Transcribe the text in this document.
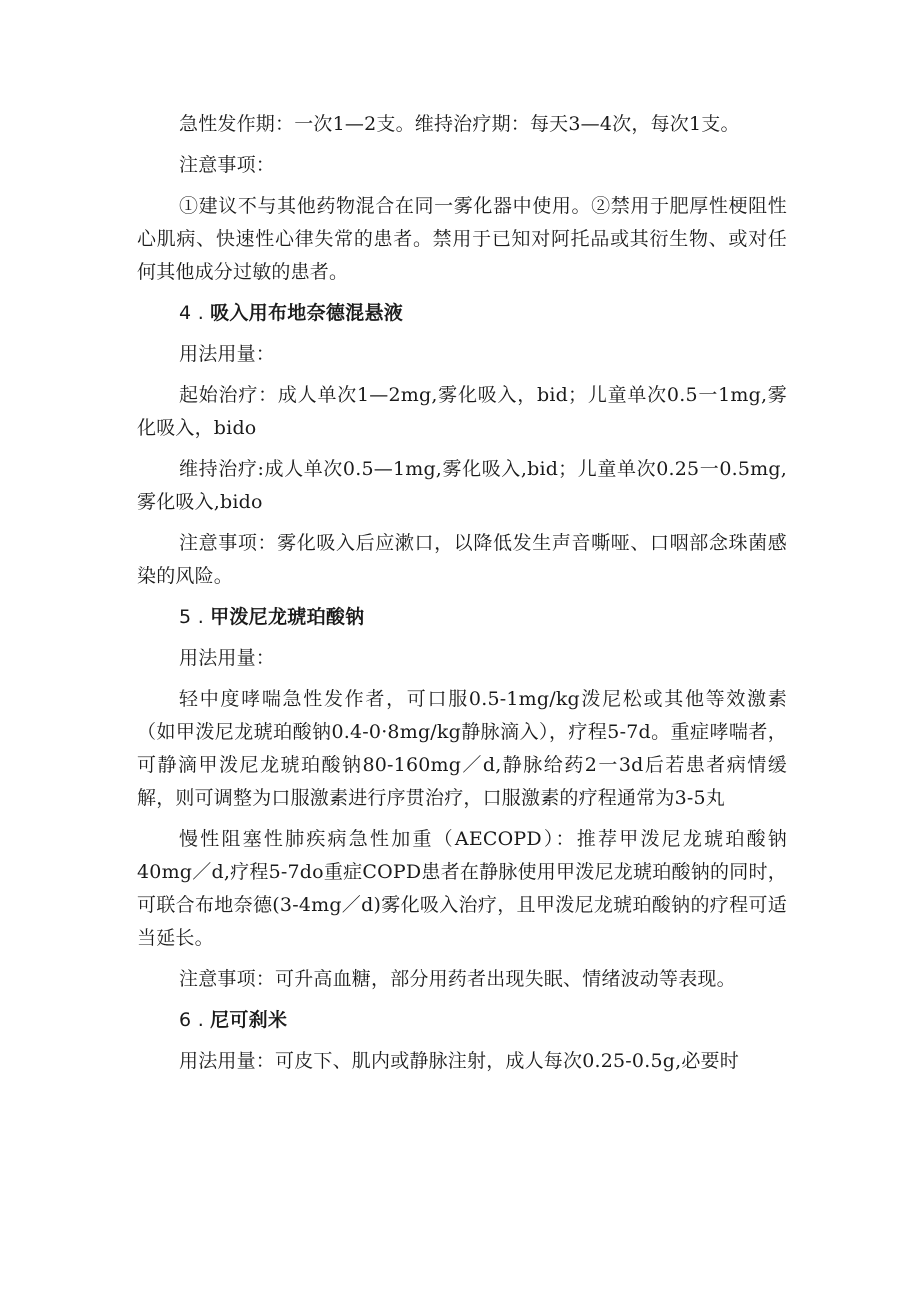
急性发作期：一次1—2支。维持治疗期：每天3—4次，每次1支。

注意事项：

①建议不与其他药物混合在同一雾化器中使用。②禁用于肥厚性梗阻性心肌病、快速性心律失常的患者。禁用于已知对阿托品或其衍生物、或对任何其他成分过敏的患者。

4 . 吸入用布地奈德混悬液

用法用量：

起始治疗：成人单次1—2mg,雾化吸入，bid；儿童单次0.5一1mg,雾化吸入，bido

维持治疗:成人单次0.5—1mg,雾化吸入,bid；儿童单次0.25一0.5mg,雾化吸入,bido

注意事项：雾化吸入后应漱口，以降低发生声音嘶哑、口咽部念珠菌感染的风险。

5 . 甲泼尼龙琥珀酸钠

用法用量：

轻中度哮喘急性发作者，可口服0.5-1mg/kg泼尼松或其他等效激素（如甲泼尼龙琥珀酸钠0.4-0·8mg/kg静脉滴入），疗程5-7d。重症哮喘者，可静滴甲泼尼龙琥珀酸钠80-160mg／d,静脉给药2一3d后若患者病情缓解，则可调整为口服激素进行序贯治疗，口服激素的疗程通常为3-5丸

慢性阻塞性肺疾病急性加重（AECOPD）：推荐甲泼尼龙琥珀酸钠40mg／d,疗程5-7do重症COPD患者在静脉使用甲泼尼龙琥珀酸钠的同时，可联合布地奈德(3-4mg／d)雾化吸入治疗，且甲泼尼龙琥珀酸钠的疗程可适当延长。

注意事项：可升高血糖，部分用药者出现失眠、情绪波动等表现。

6 . 尼可刹米

用法用量：可皮下、肌内或静脉注射，成人每次0.25-0.5g,必要时
